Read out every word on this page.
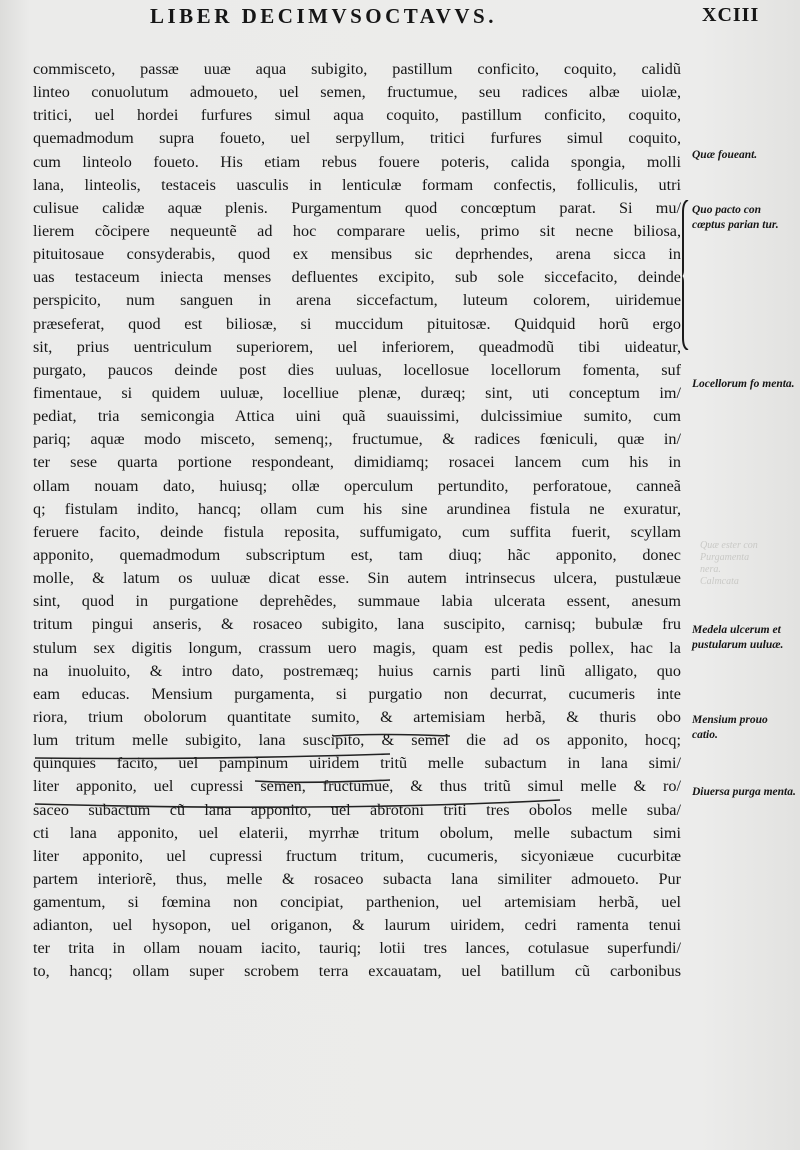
LIBER DECIMVSOCTAVVS.	XCIII
commisceto, passæ uuæ aqua subigito, pastillum conficito, coquito, calidũ
linteo conuolutum admoueto, uel semen, fructumue, seu radices albæ uiolæ,
tritici, uel hordei furfures simul aqua coquito, pastillum conficito, coquito,
quemadmodum supra foueto, uel serpyllum, tritici furfures simul coquito,
cum linteolo foueto. His etiam rebus fouere poteris, calida spongia, molli
lana, linteolis, testaceis uasculis in lenticulæ formam confectis, folliculis, utri
culisue calidæ aquæ plenis. Purgamentum quod concœptum parat. Si mu/
lierem cõcipere nequeuntẽ ad hoc comparare uelis, primo sit necne biliosa,
pituitosaue consyderabis, quod ex mensibus sic deprhendes, arena sicca in
uas testaceum iniecta menses defluentes excipito, sub sole siccefacito, deinde
perspicito, num sanguen in arena siccefactum, luteum colorem, uiridemue
præseferat, quod est biliosæ, si muccidum pituitosæ. Quidquid horũ ergo
sit, prius uentriculum superiorem, uel inferiorem, queadmodũ tibi uideatur,
purgato, paucos deinde post dies uuluas, locellosue locellorum fomenta, suf
fimentaue, si quidem uuluæ, locelliue plenæ, duræq; sint, uti conceptum im/
pediat, tria semicongia Attica uini quã suauissimi, dulcissimiue sumito, cum
pariq; aquæ modo misceto, semenq;, fructumue, & radices fœniculi, quæ in/
ter sese quarta portione respondeant, dimidiamq; rosacei lancem cum his in
ollam nouam dato, huiusq; ollæ operculum pertundito, perforatoue, canneã
q; fistulam indito, hancq; ollam cum his sine arundinea fistula ne exuratur,
feruere facito, deinde fistula reposita, suffumigato, cum suffita fuerit, scyllam
apponito, quemadmodum subscriptum est, tam diuq; hãc apponito, donec
molle, & latum os uuluæ dicat esse. Sin autem intrinsecus ulcera, pustulæue
sint, quod in purgatione deprehẽdes, summaue labia ulcerata essent, anesum
tritum pingui anseris, & rosaceo subigito, lana suscipito, carnisq; bubulæ fru
stulum sex digitis longum, crassum uero magis, quam est pedis pollex, hac la
na inuoluito, & intro dato, postremæq; huius carnis parti linũ alligato, quo
eam educas. Mensium purgamenta, si purgatio non decurrat, cucumeris inte
riora, trium obolorum quantitate sumito, & artemisiam herbã, & thuris obo
lum tritum melle subigito, lana suscipito, & semel die ad os apponito, hocq;
quinquies facito, uel pampinum uiridem tritũ melle subactum in lana simi/
liter apponito, uel cupressi semen, fructumue, & thus tritũ simul melle & ro/
saceo subactum cũ lana apponito, uel abrotoni triti tres obolos melle suba/
cti lana apponito, uel elaterii, myrrhæ tritum obolum, melle subactum simi
liter apponito, uel cupressi fructum tritum, cucumeris, sicyoniæue cucurbitæ
partem interiorẽ, thus, melle & rosaceo subacta lana similiter admoueto. Pur
gamentum, si fœmina non concipiat, parthenion, uel artemisiam herbã, uel
adianton, uel hysopon, uel origanon, & laurum uiridem, cedri ramenta tenui
ter trita in ollam nouam iacito, tauriq; lotii tres lances, cotulasue superfundi/
to, hancq; ollam super scrobem terra excauatam, uel batillum cũ carbonibus
Quæ foueant.
Quo pacto con cœptus parian tur.
Locellorum fo menta.
Medela ulcerum et pustularum uuluæ.
Mensium prouo catio.
Diuersa purga menta.
Quæ ester con
Purgamenta
nera.
Calmcata
